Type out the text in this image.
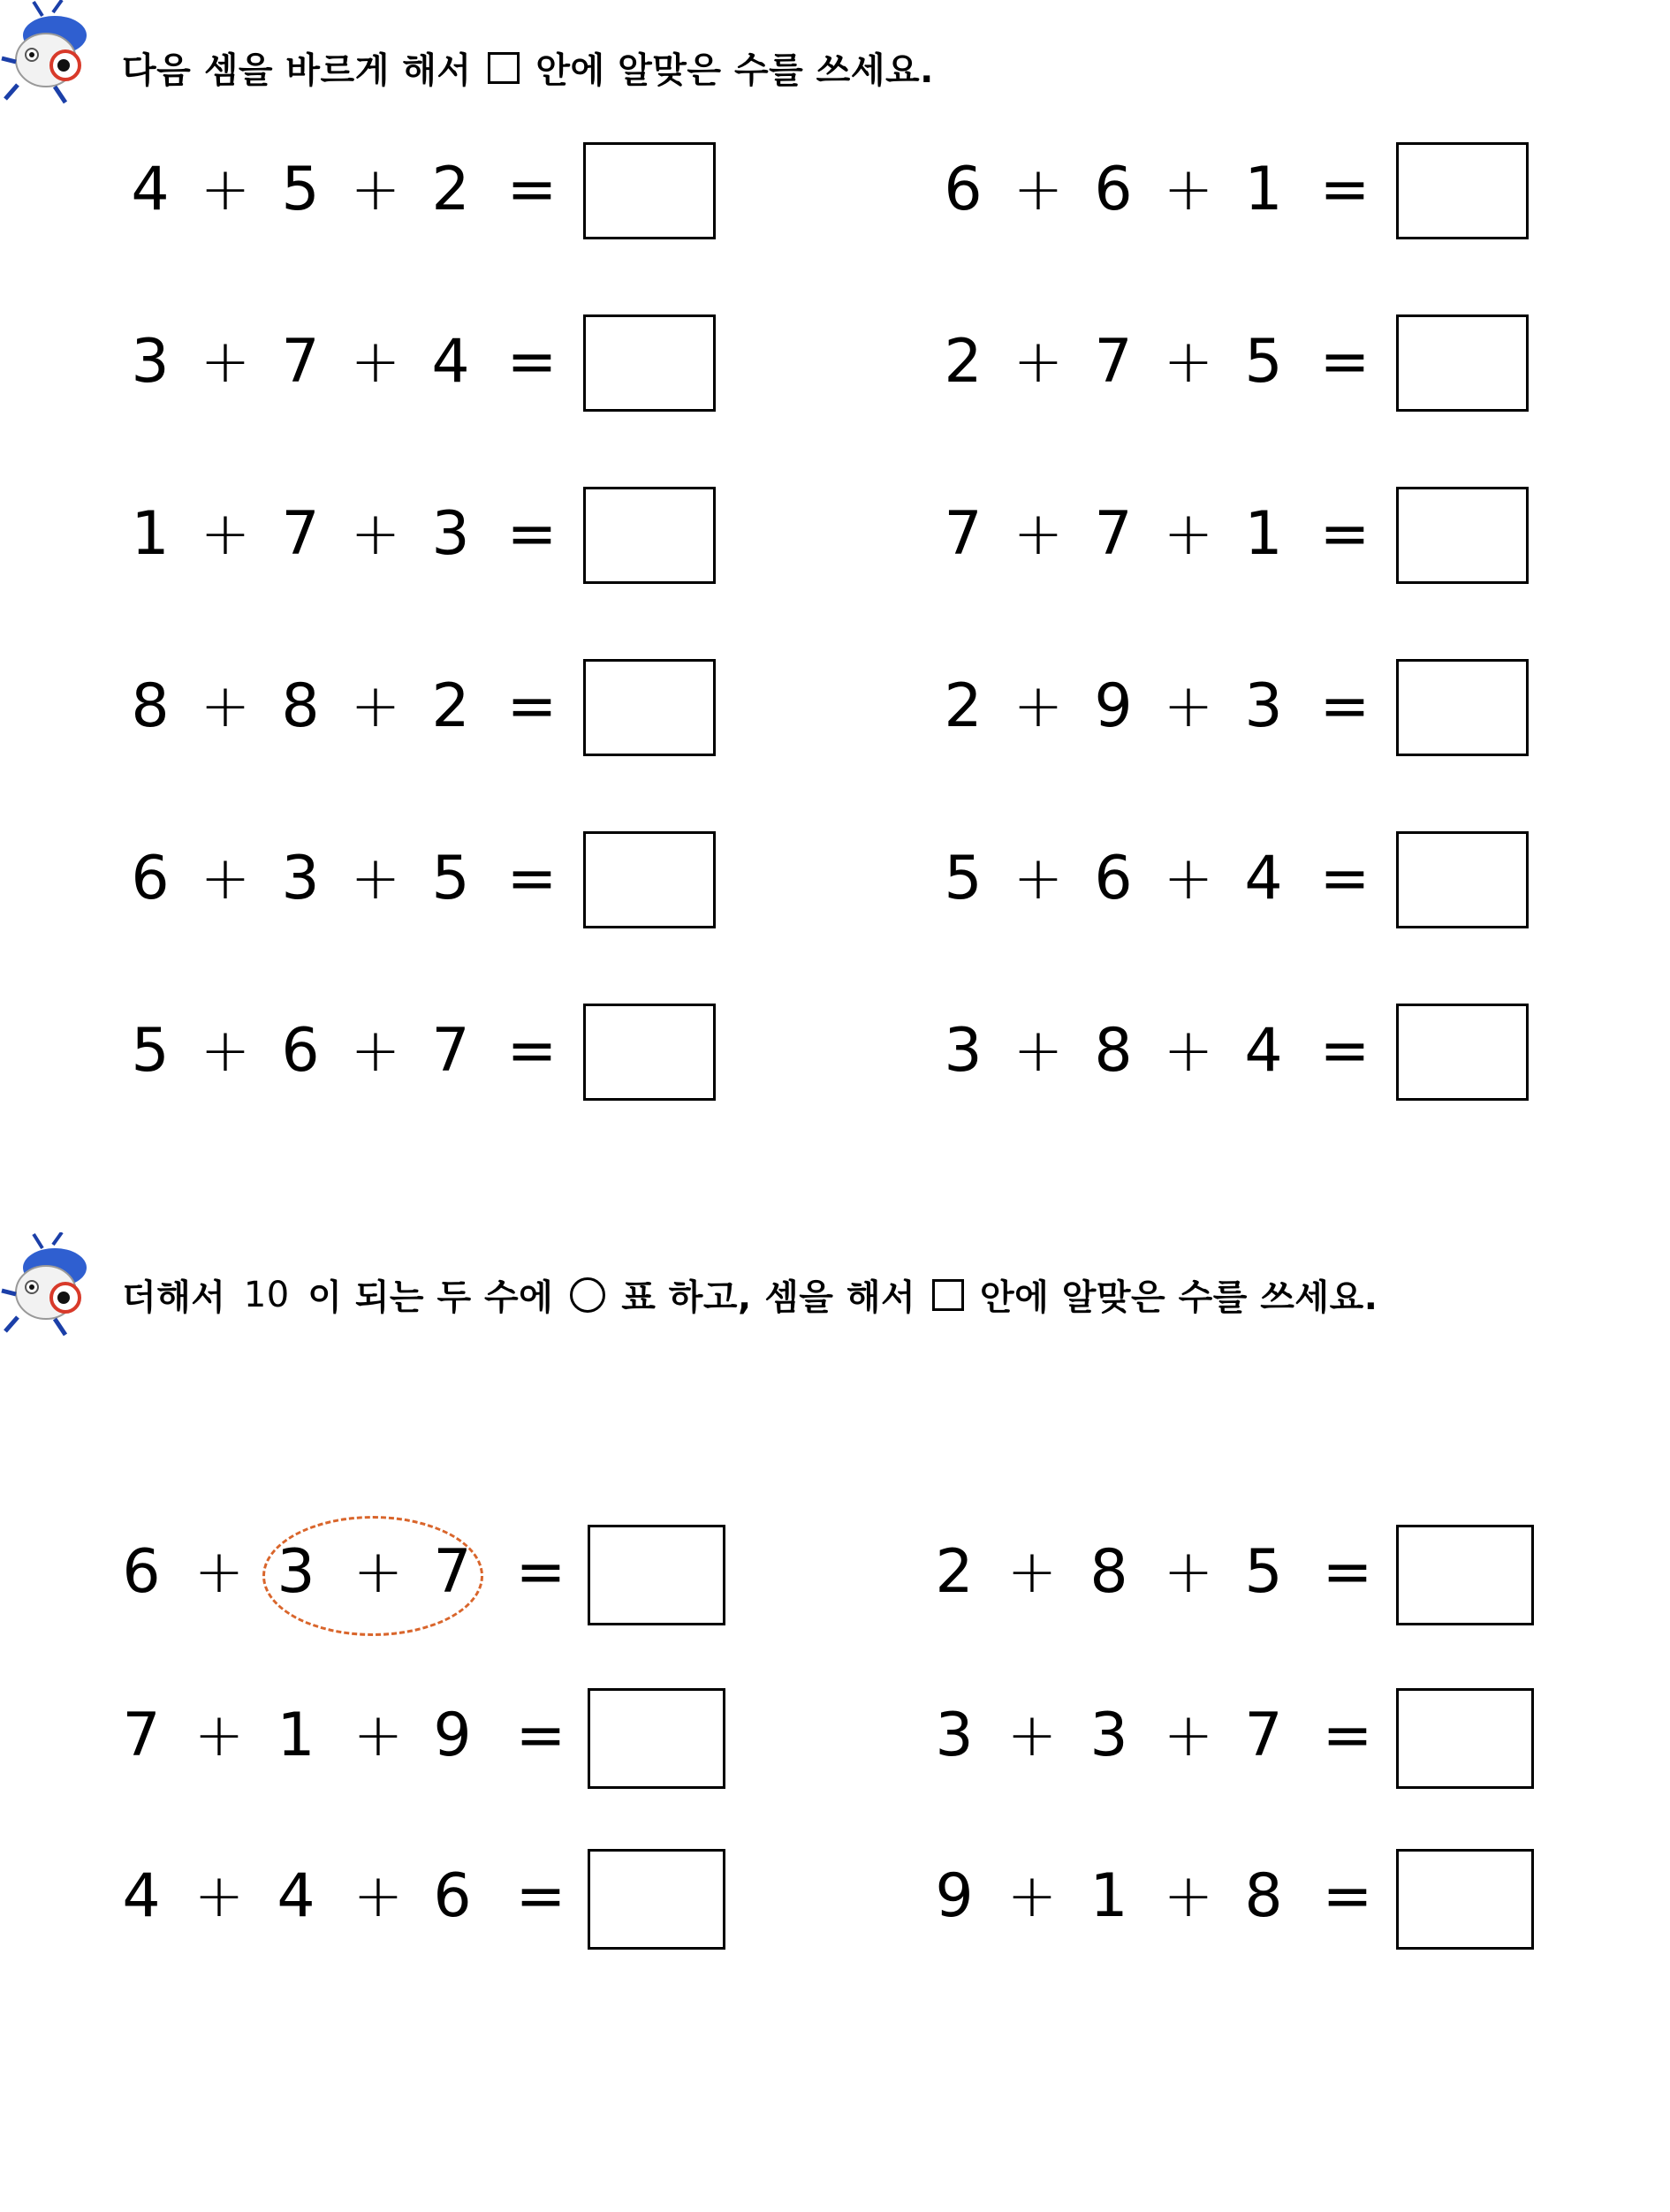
다음 셈을 바르게 해서 안에 알맞은 수를 쓰세요.
4 + 5 + 2 =
3 + 7 + 4 =
1 + 7 + 3 =
8 + 8 + 2 =
6 + 3 + 5 =
5 + 6 + 7 =
6 + 6 + 1 =
2 + 7 + 5 =
7 + 7 + 1 =
2 + 9 + 3 =
5 + 6 + 4 =
3 + 8 + 4 =
더해서 10 이 되는 두 수에 ○ 표 하고, 셈을 해서 안에 알맞은 수를 쓰세요.
6 + 3 + 7 =
7 + 1 + 9 =
4 + 4 + 6 =
2 + 8 + 5 =
3 + 3 + 7 =
9 + 1 + 8 =
